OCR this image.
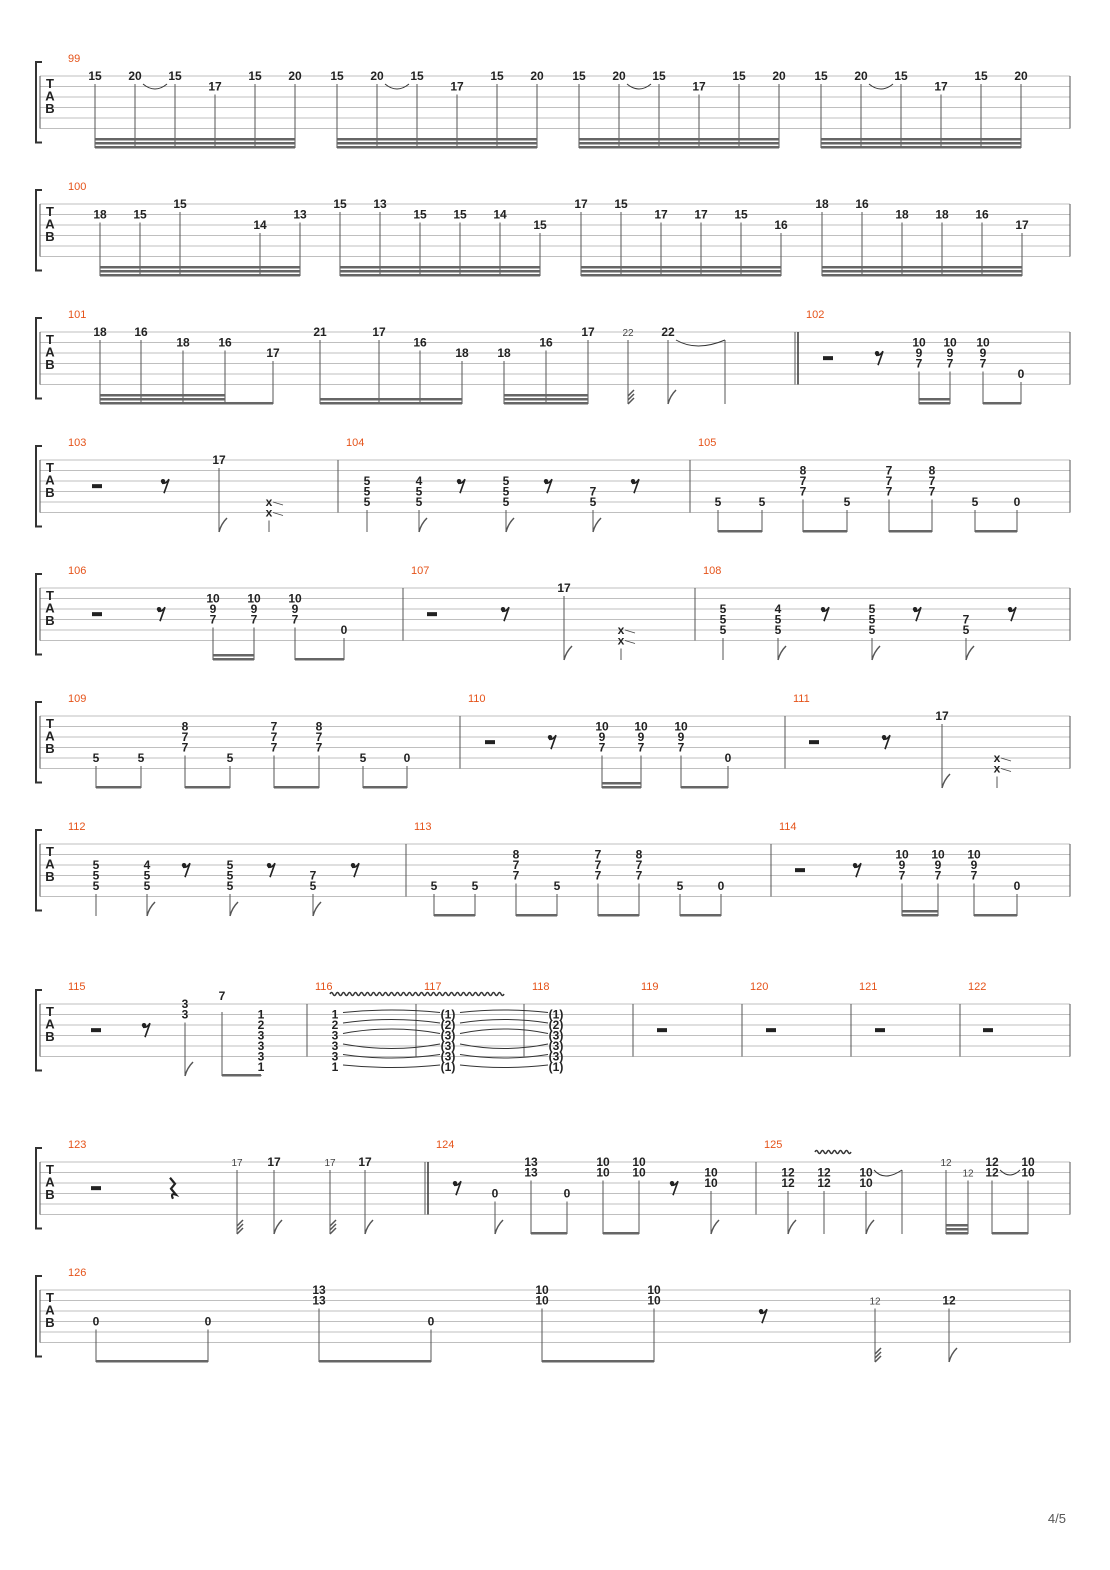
T
A
B
99
15 20 15
17
15 20 15 20 15
17
15 20 15 20 15
17
15 20 15 20 15
17
15 20
T
A
B
100
18 15
15
14
13
15 13
15 15 14
15
17 15
17 17 15
16
18 16
18 18 16
17
T
A
B
101
18 16
18 16
17
21	17
16
18 18
16
17	22 22
102
10
9
7
10
9
7
10
9
7
0
T
A
B
103
17
x
x
104
5
5
5
4
5
5
5
5
5
7
5
105
5	5
8
7
7
5
7
7
7
8
7
7
5	0
T
A
B
106
10
9
7
10
9
7
10
9
7
0
107
17
x
x
108
5
5
5
4
5
5
5
5
5
7
5
T
A
B
109
5	5
8
7
7
5
7
7
7
8
7
7
5	0
110
10
9
7
10
9
7
10
9
7
0
111
17
x
x
T
A
B
112
5
5
5
4
5
5
5
5
5
7
5
113
5	5
8
7
7
5
7
7
7
8
7
7
5	0
114
10
9
7
10
9
7
10
9
7
0
T
A
B
115
7
1
2
3
3
3
1
3
3
116
1
2
3
3
3
1
117
(1)
(2)
(3)
(3)
(3)
(1)
118
(1)
(2)
(3)
(3)
(3)
(1)
119	120	121	122
T
A
B
123
17 17	17 17
124
13
13
0
10
10
10
10
0
10
10
125
12
12
12
12
10
10
12
12
12
12
10
10
T
A
B
126
0	0
13
13
0
10
10
10
10	12	12
4/5
